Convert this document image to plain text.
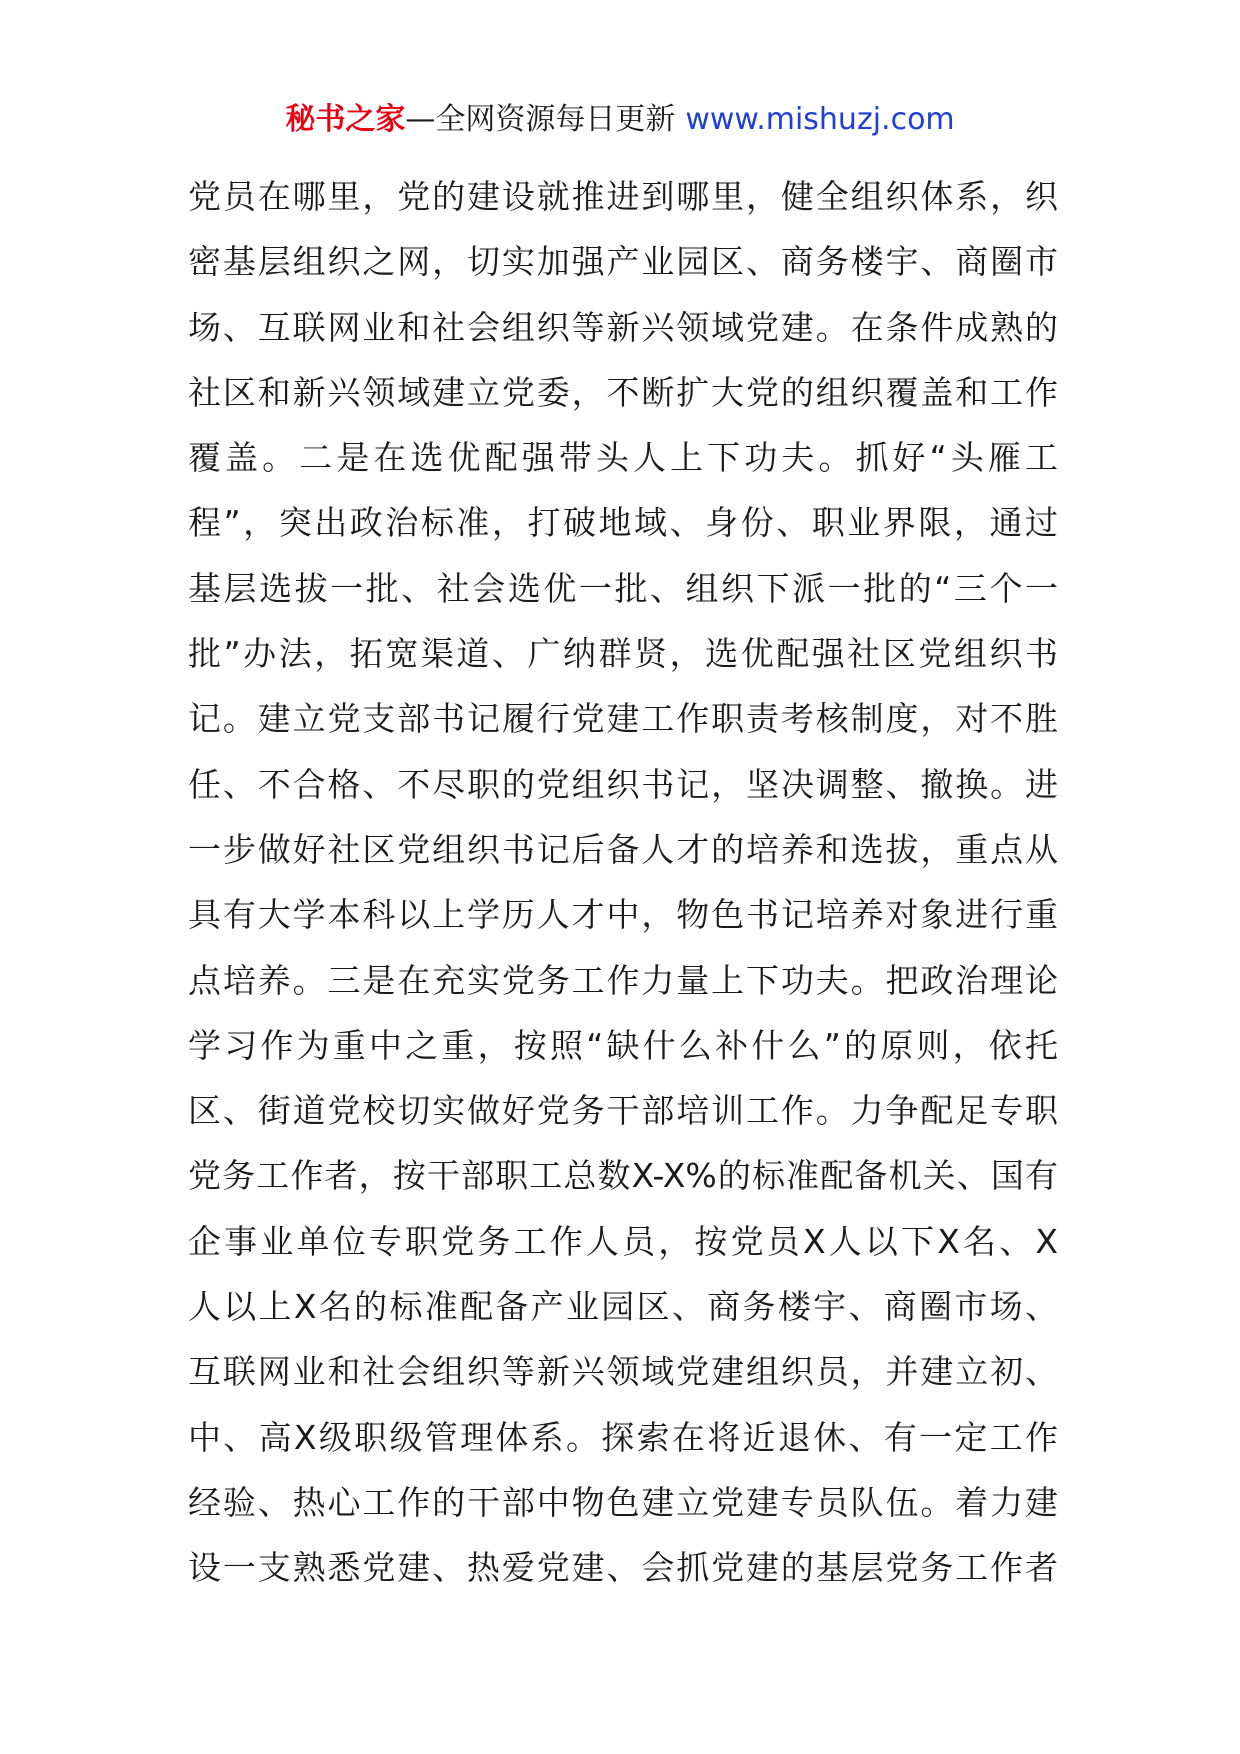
秘书之家—全网资源每日更新 www.mishuzj.com
党员在哪里，党的建设就推进到哪里，健全组织体系，织
密基层组织之网，切实加强产业园区、商务楼宇、商圈市
场、互联网业和社会组织等新兴领域党建。在条件成熟的
社区和新兴领域建立党委，不断扩大党的组织覆盖和工作
覆盖。二是在选优配强带头人上下功夫。抓好“头雁工
程”，突出政治标准，打破地域、身份、职业界限，通过
基层选拔一批、社会选优一批、组织下派一批的“三个一
批”办法，拓宽渠道、广纳群贤，选优配强社区党组织书
记。建立党支部书记履行党建工作职责考核制度，对不胜
任、不合格、不尽职的党组织书记，坚决调整、撤换。进
一步做好社区党组织书记后备人才的培养和选拔，重点从
具有大学本科以上学历人才中，物色书记培养对象进行重
点培养。三是在充实党务工作力量上下功夫。把政治理论
学习作为重中之重，按照“缺什么补什么”的原则，依托
区、街道党校切实做好党务干部培训工作。力争配足专职
党务工作者，按干部职工总数X-X%的标准配备机关、国有
企事业单位专职党务工作人员，按党员X人以下X名、X
人以上X名的标准配备产业园区、商务楼宇、商圈市场、
互联网业和社会组织等新兴领域党建组织员，并建立初、
中、高X级职级管理体系。探索在将近退休、有一定工作
经验、热心工作的干部中物色建立党建专员队伍。着力建
设一支熟悉党建、热爱党建、会抓党建的基层党务工作者
